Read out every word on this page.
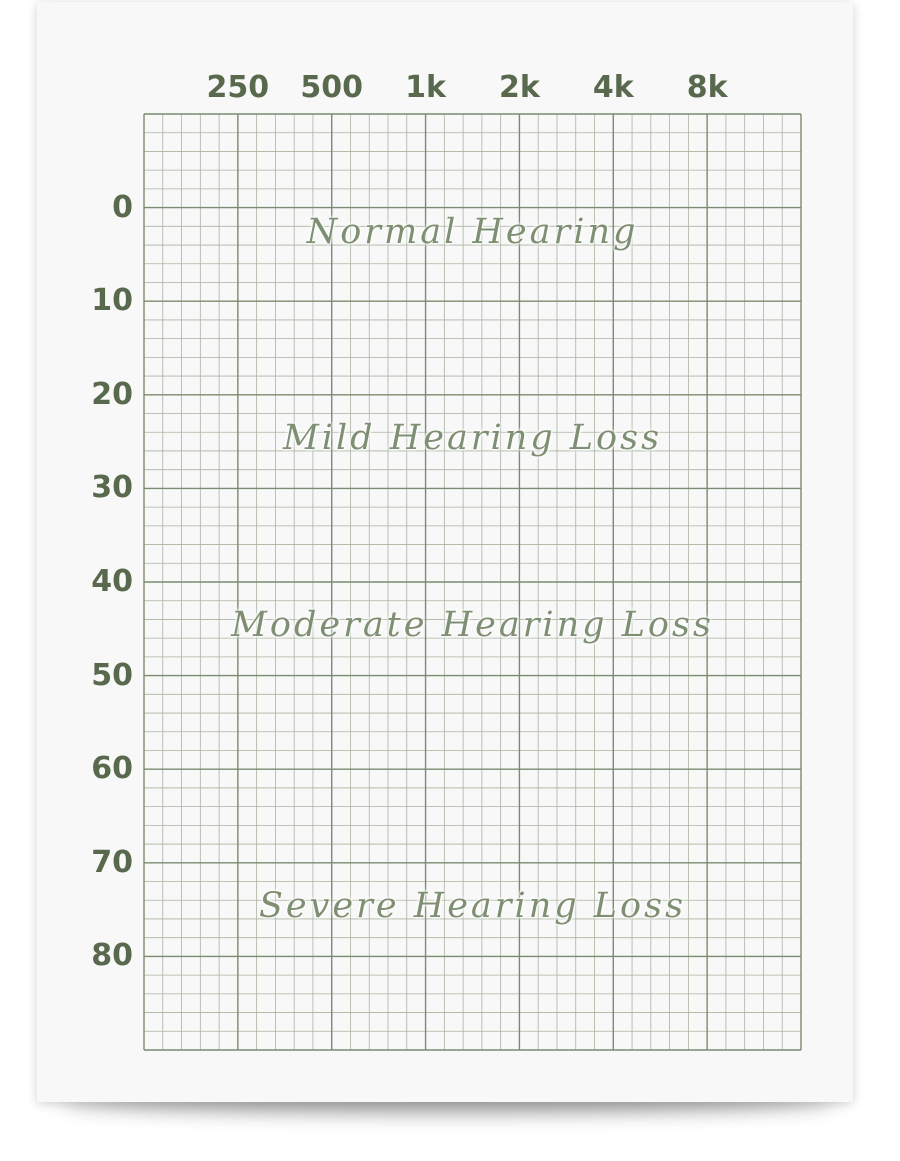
250 500 1k 2k 4k 8k
0
10
20
30
40
50
60
70
80
Normal Hearing
Mild Hearing Loss
Moderate Hearing Loss
Severe Hearing Loss
